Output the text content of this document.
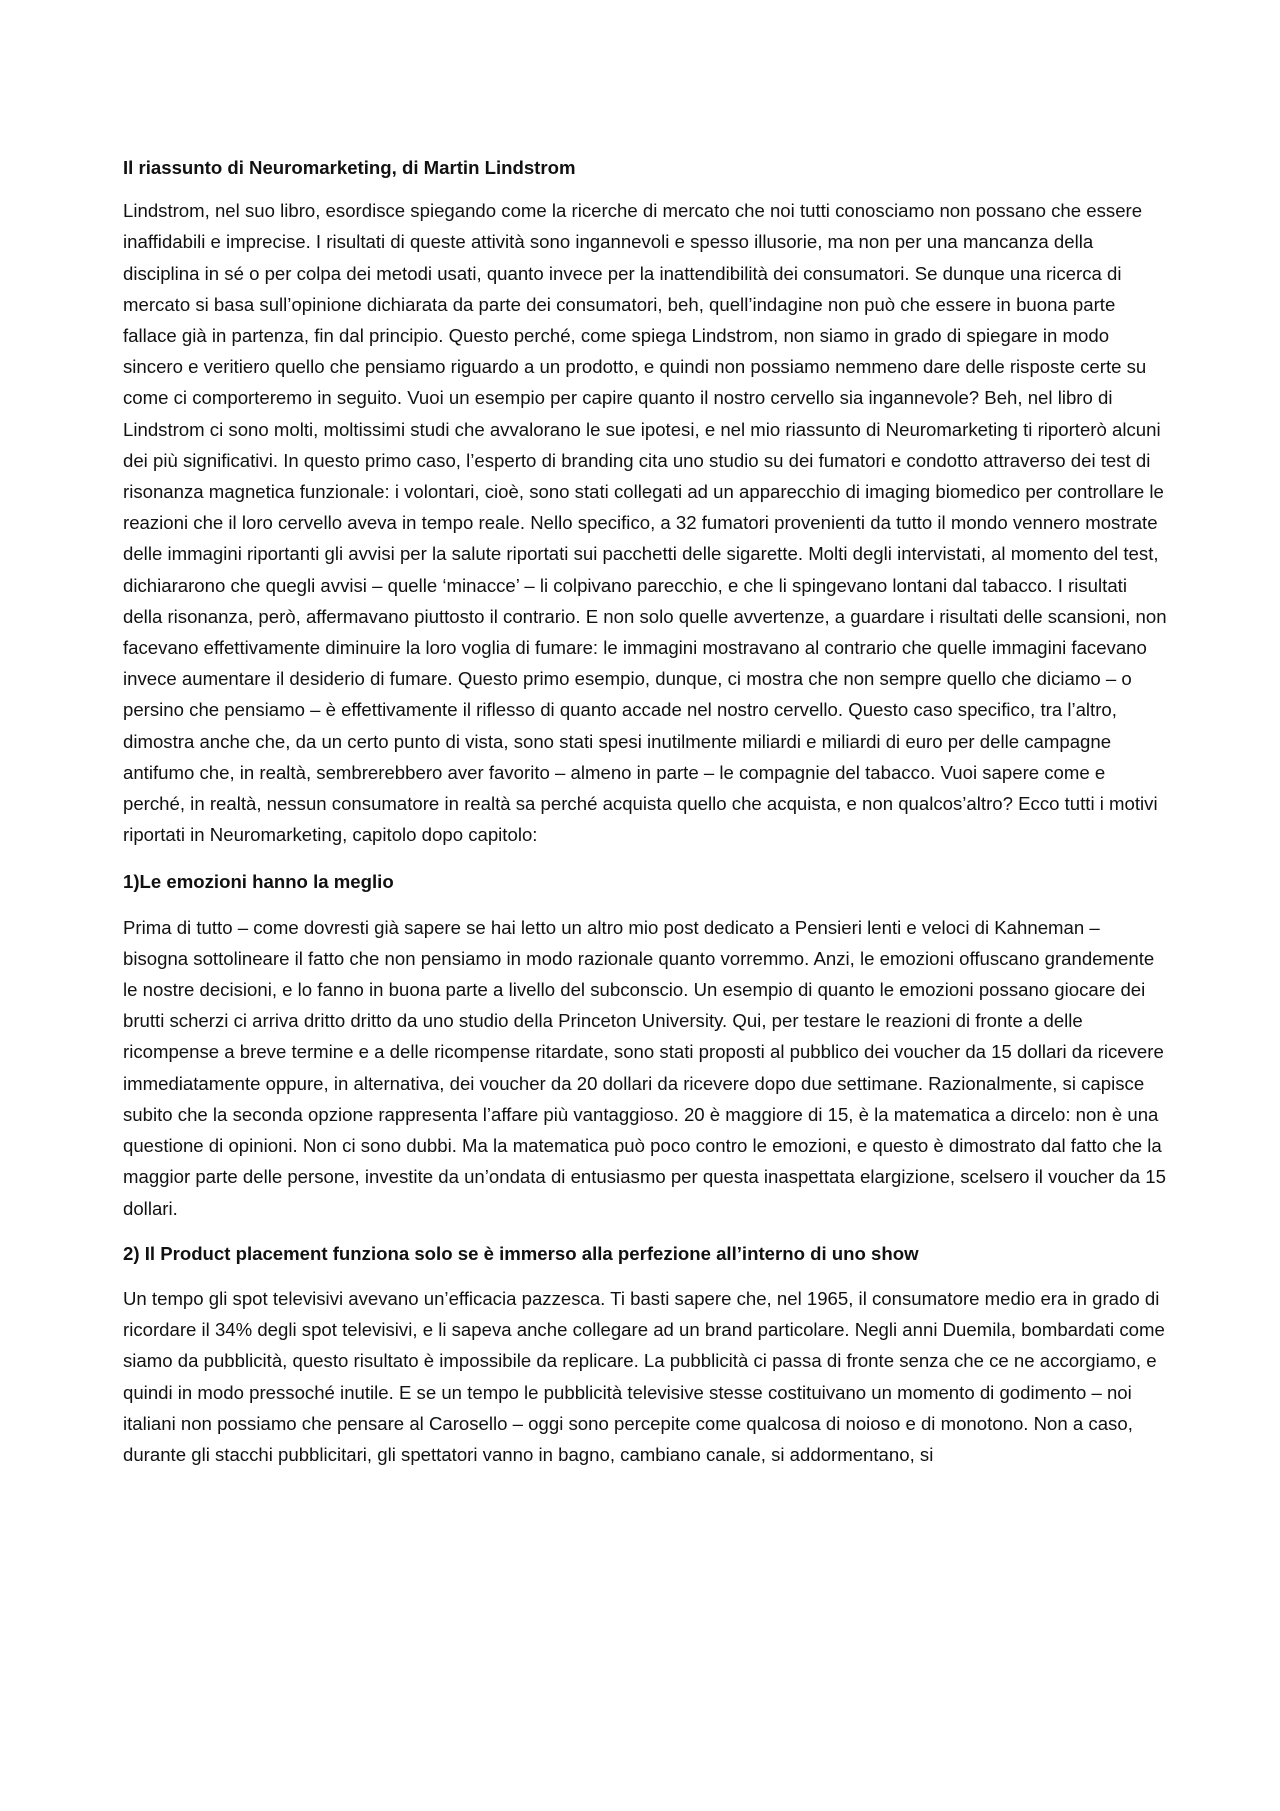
Il riassunto di Neuromarketing, di Martin Lindstrom

Lindstrom, nel suo libro, esordisce spiegando come la ricerche di mercato che noi tutti conosciamo non possano che essere inaffidabili e imprecise. I risultati di queste attività sono ingannevoli e spesso illusorie, ma non per una mancanza della disciplina in sé o per colpa dei metodi usati, quanto invece per la inattendibilità dei consumatori. Se dunque una ricerca di mercato si basa sull’opinione dichiarata da parte dei consumatori, beh, quell’indagine non può che essere in buona parte fallace già in partenza, fin dal principio. Questo perché, come spiega Lindstrom, non siamo in grado di spiegare in modo sincero e veritiero quello che pensiamo riguardo a un prodotto, e quindi non possiamo nemmeno dare delle risposte certe su come ci comporteremo in seguito. Vuoi un esempio per capire quanto il nostro cervello sia ingannevole? Beh, nel libro di Lindstrom ci sono molti, moltissimi studi che avvalorano le sue ipotesi, e nel mio riassunto di Neuromarketing ti riporterò alcuni dei più significativi. In questo primo caso, l’esperto di branding cita uno studio su dei fumatori e condotto attraverso dei test di risonanza magnetica funzionale: i volontari, cioè, sono stati collegati ad un apparecchio di imaging biomedico per controllare le reazioni che il loro cervello aveva in tempo reale. Nello specifico, a 32 fumatori provenienti da tutto il mondo vennero mostrate delle immagini riportanti gli avvisi per la salute riportati sui pacchetti delle sigarette. Molti degli intervistati, al momento del test, dichiararono che quegli avvisi – quelle ‘minacce’ – li colpivano parecchio, e che li spingevano lontani dal tabacco. I risultati della risonanza, però, affermavano piuttosto il contrario. E non solo quelle avvertenze, a guardare i risultati delle scansioni, non facevano effettivamente diminuire la loro voglia di fumare: le immagini mostravano al contrario che quelle immagini facevano invece aumentare il desiderio di fumare. Questo primo esempio, dunque, ci mostra che non sempre quello che diciamo – o persino che pensiamo – è effettivamente il riflesso di quanto accade nel nostro cervello. Questo caso specifico, tra l’altro, dimostra anche che, da un certo punto di vista, sono stati spesi inutilmente miliardi e miliardi di euro per delle campagne antifumo che, in realtà, sembrerebbero aver favorito – almeno in parte – le compagnie del tabacco. Vuoi sapere come e perché, in realtà, nessun consumatore in realtà sa perché acquista quello che acquista, e non qualcos’altro? Ecco tutti i motivi riportati in Neuromarketing, capitolo dopo capitolo:

1)Le emozioni hanno la meglio

Prima di tutto – come dovresti già sapere se hai letto un altro mio post dedicato a Pensieri lenti e veloci di Kahneman – bisogna sottolineare il fatto che non pensiamo in modo razionale quanto vorremmo. Anzi, le emozioni offuscano grandemente le nostre decisioni, e lo fanno in buona parte a livello del subconscio. Un esempio di quanto le emozioni possano giocare dei brutti scherzi ci arriva dritto dritto da uno studio della Princeton University. Qui, per testare le reazioni di fronte a delle ricompense a breve termine e a delle ricompense ritardate, sono stati proposti al pubblico dei voucher da 15 dollari da ricevere immediatamente oppure, in alternativa, dei voucher da 20 dollari da ricevere dopo due settimane. Razionalmente, si capisce subito che la seconda opzione rappresenta l’affare più vantaggioso. 20 è maggiore di 15, è la matematica a dircelo: non è una questione di opinioni. Non ci sono dubbi. Ma la matematica può poco contro le emozioni, e questo è dimostrato dal fatto che la maggior parte delle persone, investite da un’ondata di entusiasmo per questa inaspettata elargizione, scelsero il voucher da 15 dollari.

2) Il Product placement funziona solo se è immerso alla perfezione all’interno di uno show

Un tempo gli spot televisivi avevano un’efficacia pazzesca. Ti basti sapere che, nel 1965, il consumatore medio era in grado di ricordare il 34% degli spot televisivi, e li sapeva anche collegare ad un brand particolare. Negli anni Duemila, bombardati come siamo da pubblicità, questo risultato è impossibile da replicare. La pubblicità ci passa di fronte senza che ce ne accorgiamo, e quindi in modo pressoché inutile. E se un tempo le pubblicità televisive stesse costituivano un momento di godimento – noi italiani non possiamo che pensare al Carosello – oggi sono percepite come qualcosa di noioso e di monotono. Non a caso, durante gli stacchi pubblicitari, gli spettatori vanno in bagno, cambiano canale, si addormentano, si
